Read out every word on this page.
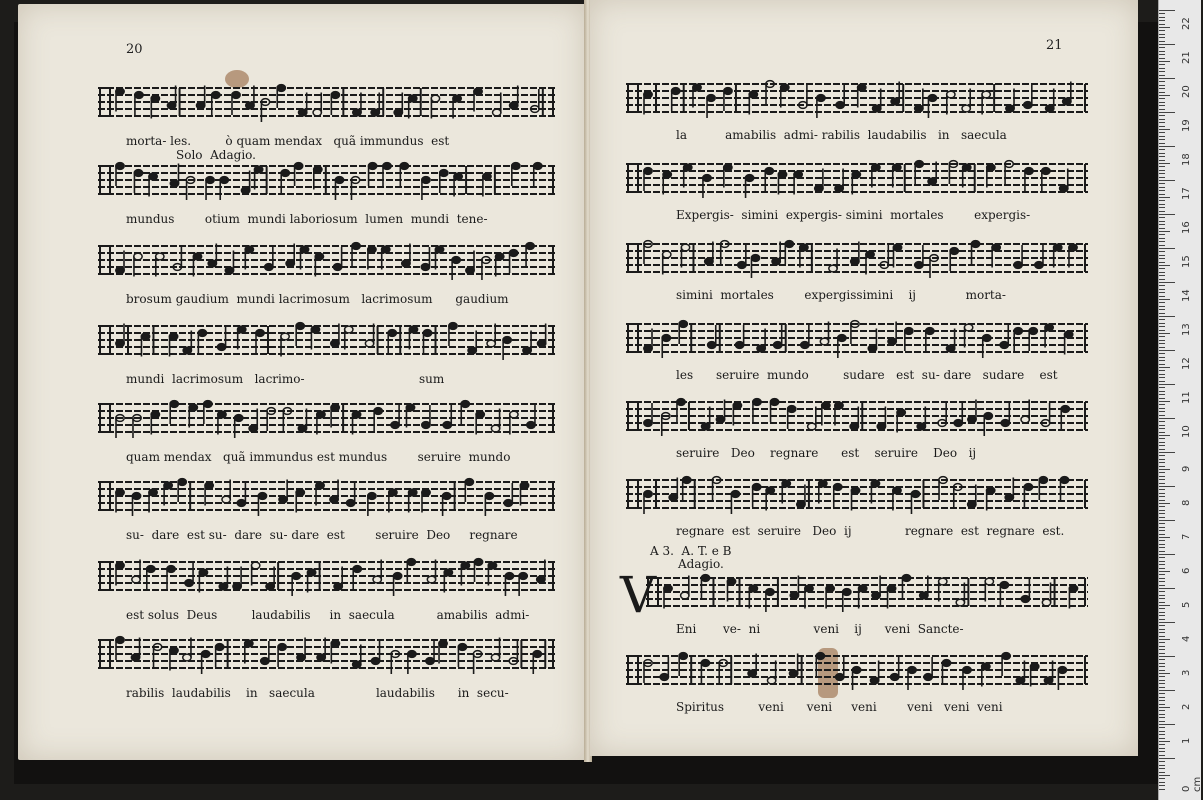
20	21
morta- les.         ò quam mendax   quã immundus  est
Solo  Adagio.
mundus        otium  mundi laboriosum  lumen  mundi  tene-
brosum gaudium  mundi lacrimosum   lacrimosum      gaudium
mundi  lacrimosum   lacrimo-                              sum
quam mendax   quã immundus est mundus        seruire  mundo
su-  dare  est su-  dare  su- dare  est        seruire  Deo     regnare
est solus  Deus         laudabilis     in  saecula           amabilis  admi-
rabilis  laudabilis    in   saecula                laudabilis      in  secu-
la          amabilis  admi- rabilis  laudabilis   in   saecula
Expergis-  simini  expergis- simini  mortales        expergis-
simini  mortales        expergissimini    ij             morta-
les      seruire  mundo         sudare   est  su- dare   sudare    est
seruire   Deo    regnare      est    seruire    Deo   ij
regnare  est  seruire   Deo  ij              regnare  est  regnare  est.
Eni       ve-  ni              veni    ij      veni  Sancte-
A 3.  A. T. e B
Adagio.
V
Spiritus         veni      veni     veni        veni   veni  veni
22
21
20
19
18
17
16
15
14
13
12
11
10
9
8
7
6
5
4
3
2
1
0 cm
